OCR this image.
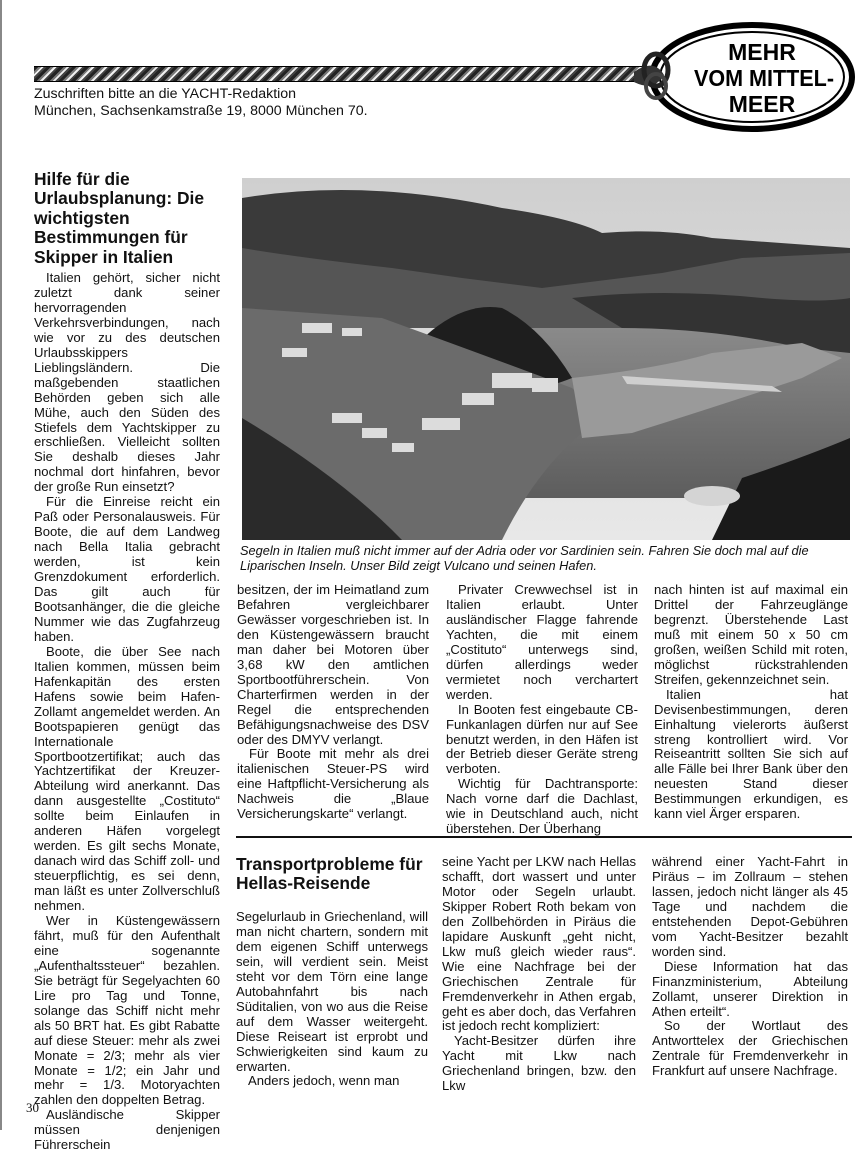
MEHR
VOM MITTEL-
MEER
Zuschriften bitte an die YACHT-Redaktion
München, Sachsenkamstraße 19, 8000 München 70.
Hilfe für die Urlaubsplanung: Die wichtigsten Bestimmungen für Skipper in Italien

Italien gehört, sicher nicht zuletzt dank seiner hervorragenden Verkehrsverbindungen, nach wie vor zu des deutschen Urlaubsskippers Lieblingsländern. Die maßgebenden staatlichen Behörden geben sich alle Mühe, auch den Süden des Stiefels dem Yachtskipper zu erschließen. Vielleicht sollten Sie deshalb dieses Jahr nochmal dort hinfahren, bevor der große Run einsetzt?

Für die Einreise reicht ein Paß oder Personalausweis. Für Boote, die auf dem Landweg nach Bella Italia gebracht werden, ist kein Grenzdokument erforderlich. Das gilt auch für Bootsanhänger, die die gleiche Nummer wie das Zugfahrzeug haben.

Boote, die über See nach Italien kommen, müssen beim Hafenkapitän des ersten Hafens sowie beim Hafen-Zollamt angemeldet werden. An Bootspapieren genügt das Internationale Sportbootzertifikat; auch das Yachtzertifikat der Kreuzer-Abteilung wird anerkannt. Das dann ausgestellte „Costituto“ sollte beim Einlaufen in anderen Häfen vorgelegt werden. Es gilt sechs Monate, danach wird das Schiff zoll- und steuerpflichtig, es sei denn, man läßt es unter Zollverschluß nehmen.

Wer in Küstengewässern fährt, muß für den Aufenthalt eine sogenannte „Aufenthaltssteuer“ bezahlen. Sie beträgt für Segelyachten 60 Lire pro Tag und Tonne, solange das Schiff nicht mehr als 50 BRT hat. Es gibt Rabatte auf diese Steuer: mehr als zwei Monate = 2/3; mehr als vier Monate = 1/2; ein Jahr und mehr = 1/3. Motoryachten zahlen den doppelten Betrag.

Ausländische Skipper müssen denjenigen Führerschein

Segeln in Italien muß nicht immer auf der Adria oder vor Sardinien sein. Fahren Sie doch mal auf die Liparischen Inseln. Unser Bild zeigt Vulcano und seinen Hafen.

besitzen, der im Heimatland zum Befahren vergleichbarer Gewässer vorgeschrieben ist. In den Küstengewässern braucht man daher bei Motoren über 3,68 kW den amtlichen Sportbootführerschein. Von Charterfirmen werden in der Regel die entsprechenden Befähigungsnachweise des DSV oder des DMYV verlangt.

Für Boote mit mehr als drei italienischen Steuer-PS wird eine Haftpflicht-Versicherung als Nachweis die „Blaue Versicherungskarte“ verlangt.

Privater Crewwechsel ist in Italien erlaubt. Unter ausländischer Flagge fahrende Yachten, die mit einem „Costituto“ unterwegs sind, dürfen allerdings weder vermietet noch verchartert werden.

In Booten fest eingebaute CB-Funkanlagen dürfen nur auf See benutzt werden, in den Häfen ist der Betrieb dieser Geräte streng verboten.

Wichtig für Dachtransporte: Nach vorne darf die Dachlast, wie in Deutschland auch, nicht überstehen. Der Überhang

nach hinten ist auf maximal ein Drittel der Fahrzeuglänge begrenzt. Überstehende Last muß mit einem 50 x 50 cm großen, weißen Schild mit roten, möglichst rückstrahlenden Streifen, gekennzeichnet sein.

Italien hat Devisenbestimmungen, deren Einhaltung vielerorts äußerst streng kontrolliert wird. Vor Reiseantritt sollten Sie sich auf alle Fälle bei Ihrer Bank über den neuesten Stand dieser Bestimmungen erkundigen, es kann viel Ärger ersparen.

Transportprobleme für Hellas-Reisende

Segelurlaub in Griechenland, will man nicht chartern, sondern mit dem eigenen Schiff unterwegs sein, will verdient sein. Meist steht vor dem Törn eine lange Autobahnfahrt bis nach Süditalien, von wo aus die Reise auf dem Wasser weitergeht. Diese Reiseart ist erprobt und Schwierigkeiten sind kaum zu erwarten.

Anders jedoch, wenn man

seine Yacht per LKW nach Hellas schafft, dort wassert und unter Motor oder Segeln urlaubt. Skipper Robert Roth bekam von den Zollbehörden in Piräus die lapidare Auskunft „geht nicht, Lkw muß gleich wieder raus“. Wie eine Nachfrage bei der Griechischen Zentrale für Fremdenverkehr in Athen ergab, geht es aber doch, das Verfahren ist jedoch recht kompliziert:

Yacht-Besitzer dürfen ihre Yacht mit Lkw nach Griechenland bringen, bzw. den Lkw

während einer Yacht-Fahrt in Piräus – im Zollraum – stehen lassen, jedoch nicht länger als 45 Tage und nachdem die entstehenden Depot-Gebühren vom Yacht-Besitzer bezahlt worden sind.

Diese Information hat das Finanzministerium, Abteilung Zollamt, unserer Direktion in Athen erteilt“.

So der Wortlaut des Antworttelex der Griechischen Zentrale für Fremdenverkehr in Frankfurt auf unsere Nachfrage.

30
